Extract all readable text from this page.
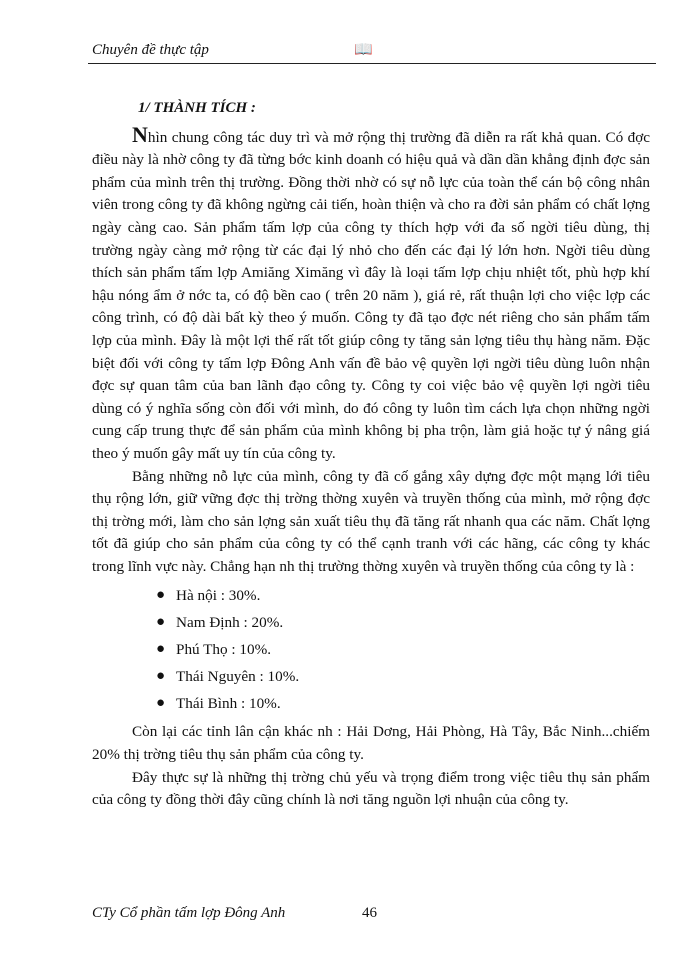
Chuyên đề thực tập	📖
1/ THÀNH TÍCH :

Nhìn chung công tác duy trì và mở rộng thị trường đã diễn ra rất khả quan. Có đợc điều này là nhờ công ty đã từng bớc kinh doanh có hiệu quả và dần dần khẳng định đợc sản phẩm của mình trên thị trường. Đồng thời nhờ có sự nỗ lực của toàn thể cán bộ công nhân viên trong công ty đã không ngừng cải tiến, hoàn thiện và cho ra đời sản phẩm có chất lợng ngày càng cao. Sản phẩm tấm lợp của công ty thích hợp với đa số ngời tiêu dùng, thị trường ngày càng mở rộng từ các đại lý nhỏ cho đến các đại lý lớn hơn. Ngời tiêu dùng thích sản phẩm tấm lợp Amiăng Ximăng vì đây là loại tấm lợp chịu nhiệt tốt, phù hợp khí hậu nóng ẩm ở nớc ta, có độ bền cao ( trên 20 năm ), giá rẻ, rất thuận lợi cho việc lợp các công trình, có độ dài bất kỳ theo ý muốn. Công ty đã tạo đợc nét riêng cho sản phẩm tấm lợp của mình. Đây là một lợi thế rất tốt giúp công ty tăng sản lợng tiêu thụ hàng năm. Đặc biệt đối với công ty tấm lợp Đông Anh vấn đề bảo vệ quyền lợi ngời tiêu dùng luôn nhận đợc sự quan tâm của ban lãnh đạo công ty. Công ty coi việc bảo vệ quyền lợi ngời tiêu dùng có ý nghĩa sống còn đối với mình, do đó công ty luôn tìm cách lựa chọn những ngời cung cấp trung thực để sản phẩm của mình không bị pha trộn, làm giả hoặc tự ý nâng giá theo ý muốn gây mất uy tín của công ty.

Bằng những nỗ lực của mình, công ty đã cố gắng xây dựng đợc một mạng lới tiêu thụ rộng lớn, giữ vững đợc thị trờng thờng xuyên và truyền thống của mình, mở rộng đợc thị trờng mới, làm cho sản lợng sản xuất tiêu thụ đã tăng rất nhanh qua các năm. Chất lợng tốt đã giúp cho sản phẩm của công ty có thể cạnh tranh với các hãng, các công ty khác trong lĩnh vực này. Chẳng hạn nh thị trường thờng xuyên và truyền thống của công ty là :

● Hà nội : 30%.
● Nam Định : 20%.
● Phú Thọ : 10%.
● Thái Nguyên : 10%.
● Thái Bình : 10%.

Còn lại các tỉnh lân cận khác nh : Hải Dơng, Hải Phòng, Hà Tây, Bắc Ninh...chiếm 20% thị trờng tiêu thụ sản phẩm của công ty.

Đây thực sự là những thị trờng chủ yếu và trọng điểm trong việc tiêu thụ sản phẩm của công ty đồng thời đây cũng chính là nơi tăng nguồn lợi nhuận của công ty.

CTy Cổ phần tấm lợp Đông Anh	46
